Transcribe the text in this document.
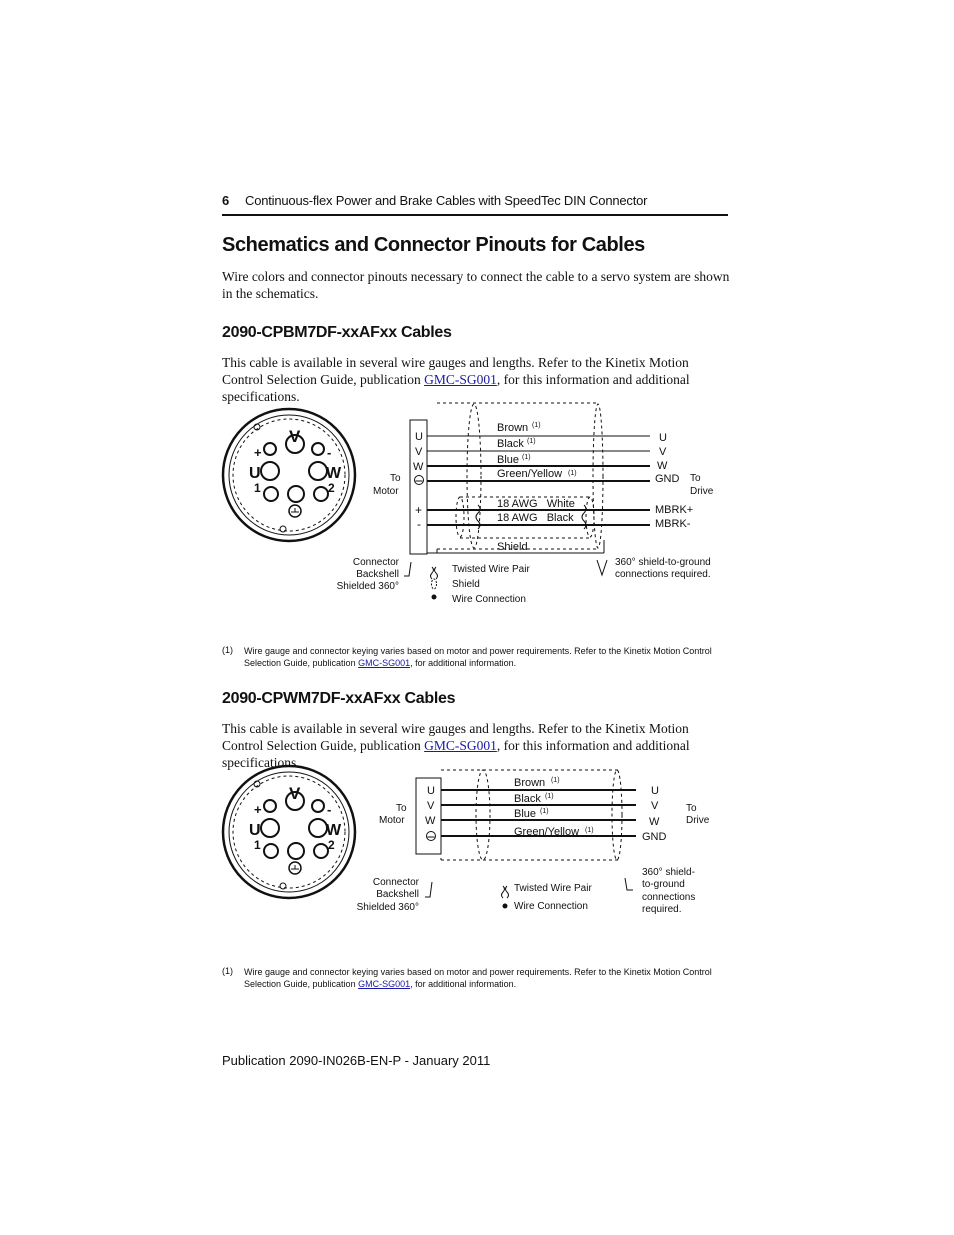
6 Continuous-flex Power and Brake Cables with SpeedTec DIN Connector
Schematics and Connector Pinouts for Cables
Wire colors and connector pinouts necessary to connect the cable to a servo system are shown in the schematics.
2090-CPBM7DF-xxAFxx Cables
This cable is available in several wire gauges and lengths. Refer to the Kinetix Motion Control Selection Guide, publication GMC-SG001, for this information and additional specifications.
V
U	W
+	-
1	2
To
Motor
U
V
W
+
-
Brown (1)
Black (1)
Blue (1)
Green/Yellow (1)
18 AWG   White
18 AWG   Black
Shield
U
V
W
GND
MBRK+
MBRK-
To
Drive
Connector
Backshell
Shielded 360°
Twisted Wire Pair
Shield
Wire Connection
360° shield-to-ground
connections required.
(1) Wire gauge and connector keying varies based on motor and power requirements. Refer to the Kinetix Motion Control Selection Guide, publication GMC-SG001, for additional information.
2090-CPWM7DF-xxAFxx Cables
This cable is available in several wire gauges and lengths. Refer to the Kinetix Motion Control Selection Guide, publication GMC-SG001, for this information and additional specifications.
V
U	W
+	-
1	2
To
Motor
U
V
W
Brown (1)
Black (1)
Blue (1)
Green/Yellow (1)
U
V
W
GND
To
Drive
Connector
Backshell
Shielded 360°
Twisted Wire Pair
Wire Connection
360° shield-
to-ground
connections
required.
(1) Wire gauge and connector keying varies based on motor and power requirements. Refer to the Kinetix Motion Control Selection Guide, publication GMC-SG001, for additional information.
Publication 2090-IN026B-EN-P - January 2011
